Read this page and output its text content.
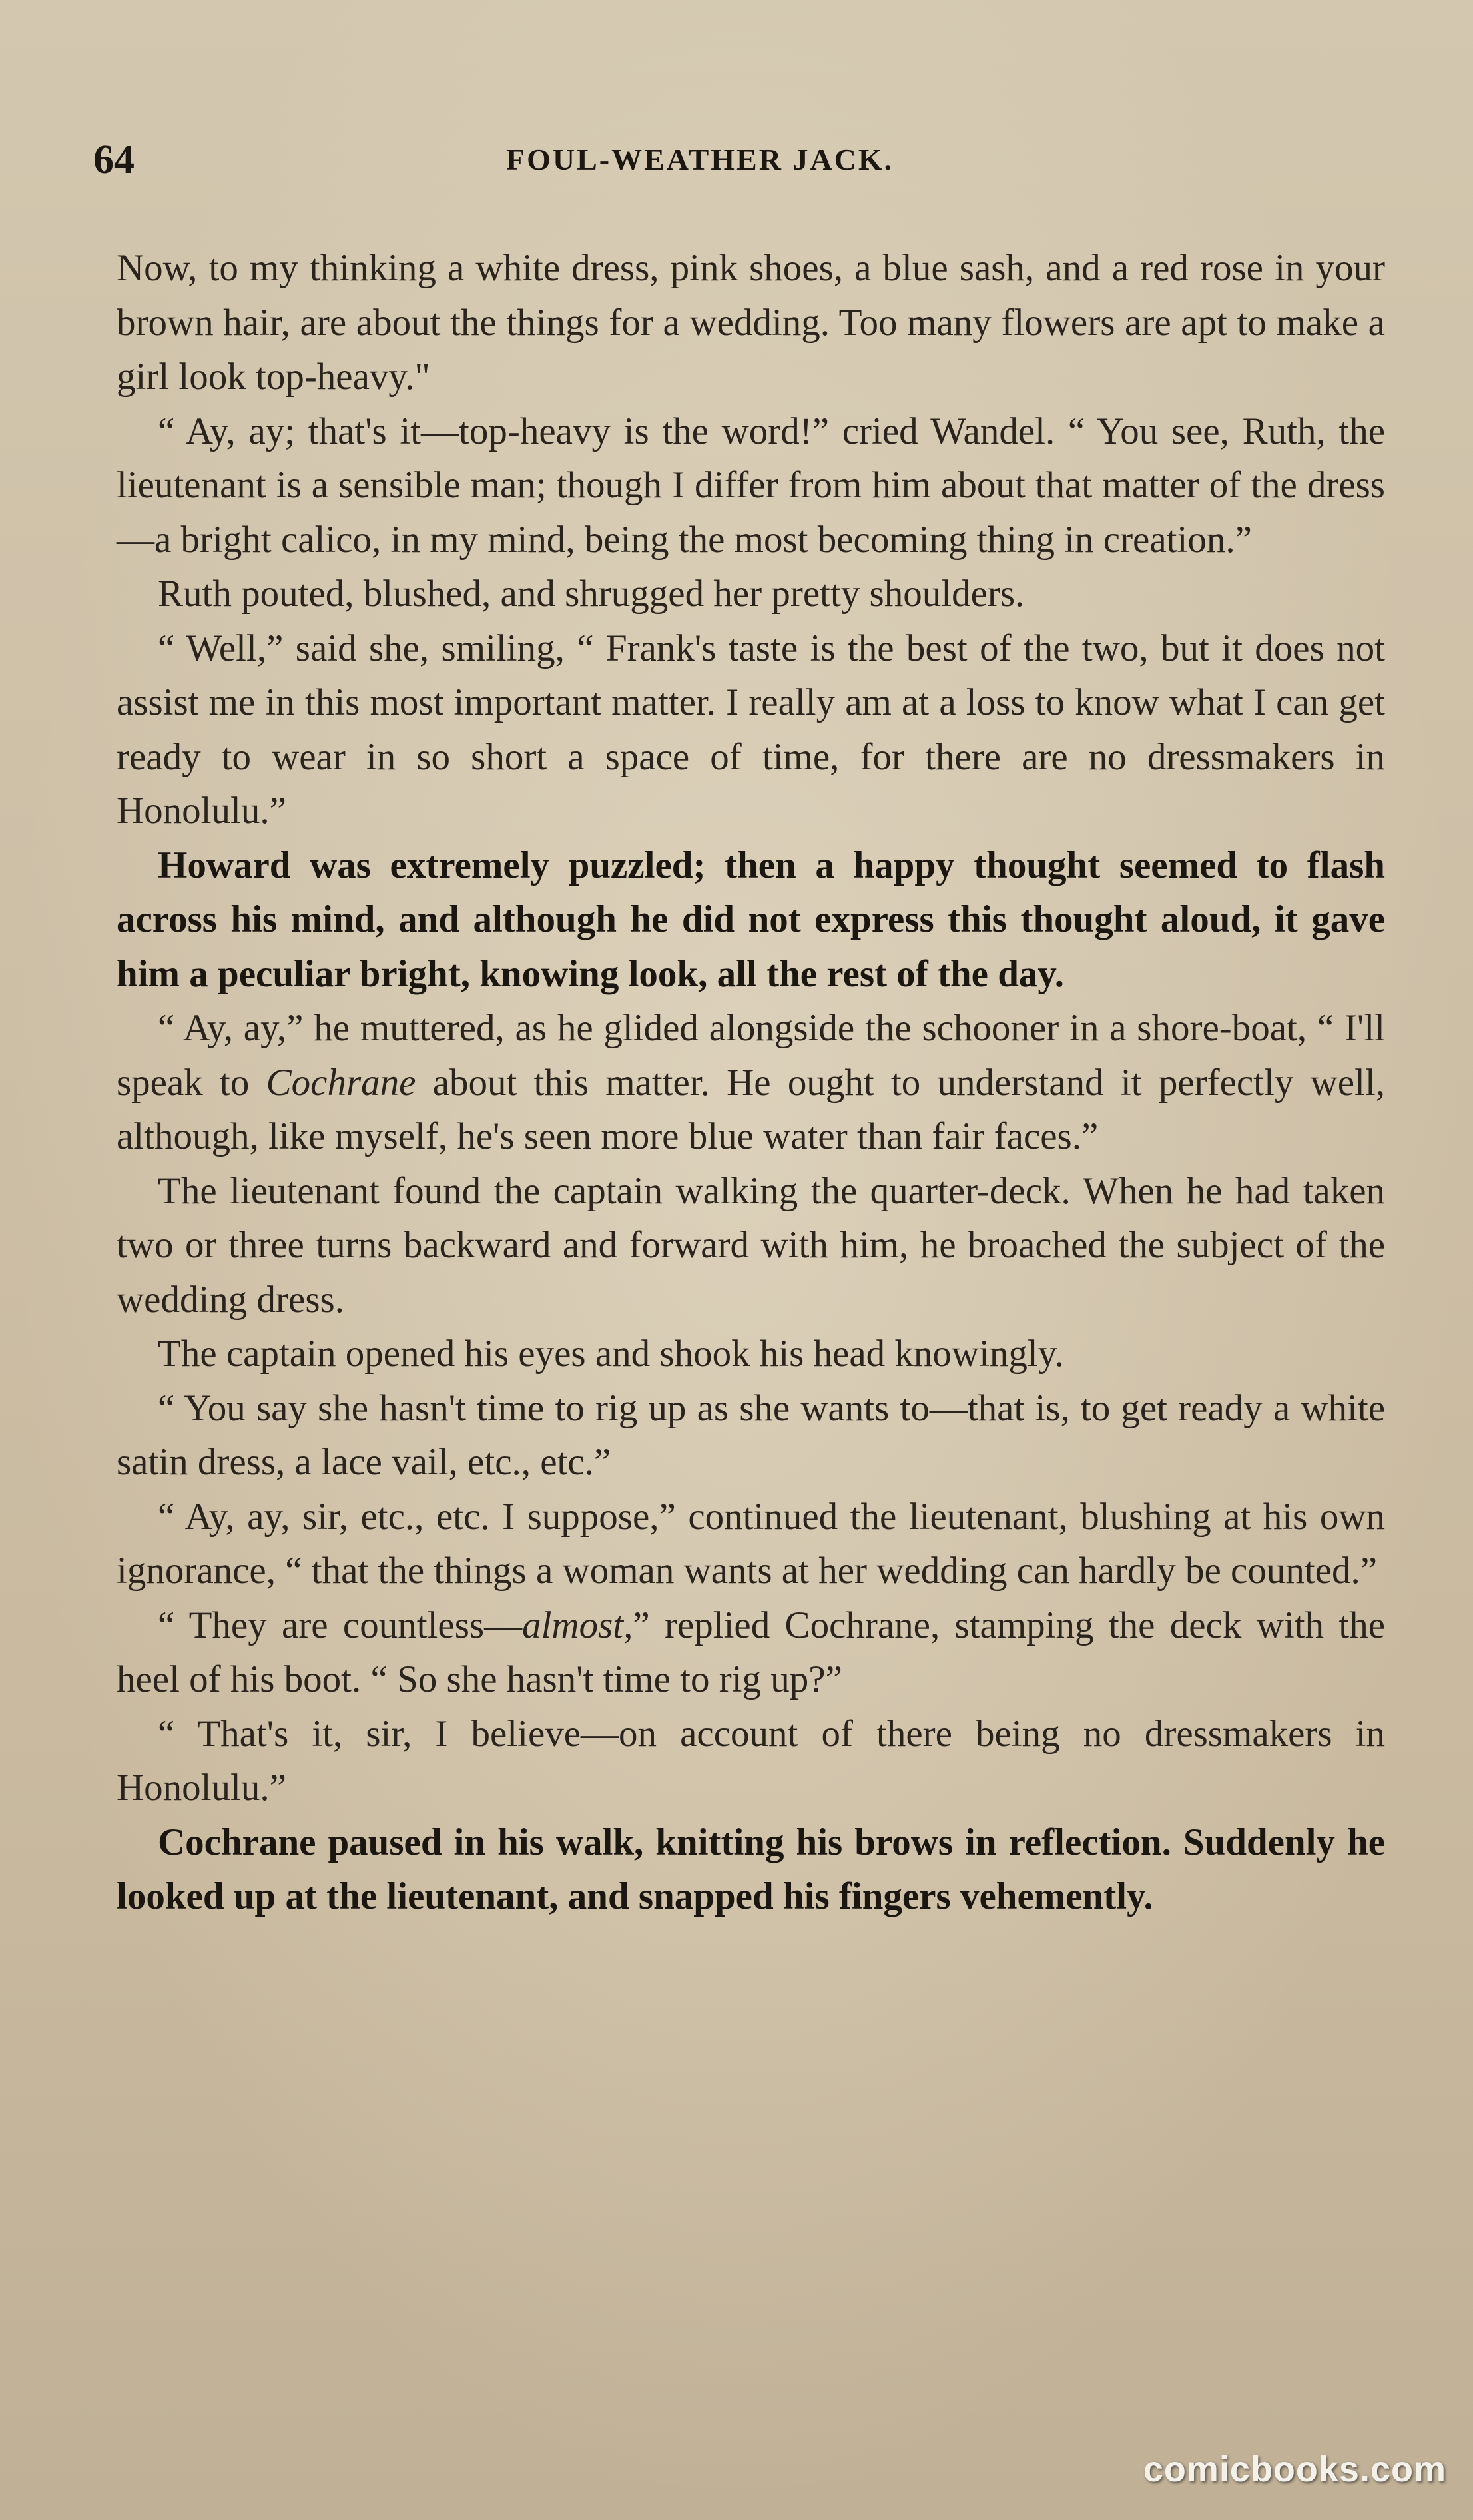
64	FOUL-WEATHER JACK.

Now, to my thinking a white dress, pink shoes, a blue sash, and a red rose in your brown hair, are about the things for a wedding. Too many flowers are apt to make a girl look top-heavy."

“ Ay, ay; that's it—top-heavy is the word!” cried Wandel. “ You see, Ruth, the lieutenant is a sensible man; though I differ from him about that matter of the dress—a bright calico, in my mind, being the most becoming thing in creation.”

Ruth pouted, blushed, and shrugged her pretty shoulders.

“ Well,” said she, smiling, “ Frank's taste is the best of the two, but it does not assist me in this most important matter. I really am at a loss to know what I can get ready to wear in so short a space of time, for there are no dressmakers in Honolulu.”

Howard was extremely puzzled; then a happy thought seemed to flash across his mind, and although he did not express this thought aloud, it gave him a peculiar bright, knowing look, all the rest of the day.

“ Ay, ay,” he muttered, as he glided alongside the schooner in a shore-boat, “ I'll speak to Cochrane about this matter. He ought to understand it perfectly well, although, like myself, he's seen more blue water than fair faces.”

The lieutenant found the captain walking the quarter-deck. When he had taken two or three turns backward and forward with him, he broached the subject of the wedding dress.

The captain opened his eyes and shook his head knowingly.

“ You say she hasn't time to rig up as she wants to—that is, to get ready a white satin dress, a lace vail, etc., etc.”

“ Ay, ay, sir, etc., etc. I suppose,” continued the lieutenant, blushing at his own ignorance, “ that the things a woman wants at her wedding can hardly be counted.”

“ They are countless—almost,” replied Cochrane, stamping the deck with the heel of his boot. “ So she hasn't time to rig up?”

“ That's it, sir, I believe—on account of there being no dressmakers in Honolulu.”

Cochrane paused in his walk, knitting his brows in reflection. Suddenly he looked up at the lieutenant, and snapped his fingers vehemently.

comicbooks.com
